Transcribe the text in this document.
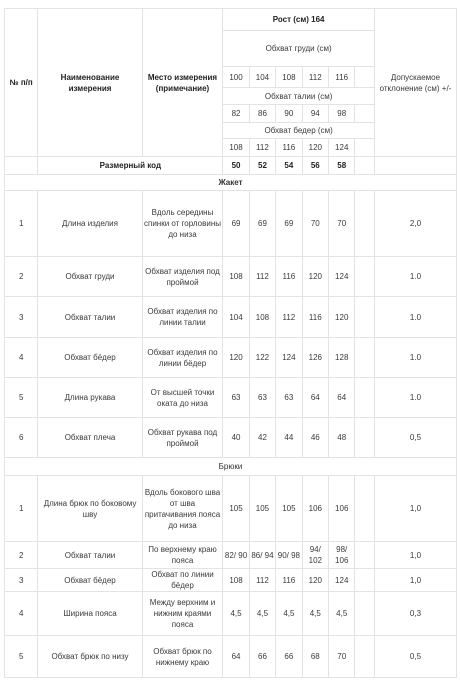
№ п/п	Наименование измерения	Место измерения (примечание)	Рост (см) 164						Допускаемое отклонение (см) +/-
			Обхват груди (см)						
			100	104	108	112	116		
			Обхват талии (см)						
			82	86	90	94	98		
			Обхват бедер (см)						
			108	112	116	120	124		
	Размерный код		50	52	54	56	58		
Жакет									
1	Длина изделия	Вдоль середины спинки от горловины до низа	69	69	69	70	70		2,0
2	Обхват груди	Обхват изделия под проймой	108	112	116	120	124		1.0
3	Обхват талии	Обхват изделия по линии талии	104	108	112	116	120		1.0
4	Обхват бёдер	Обхват изделия по линии бёдер	120	122	124	126	128		1.0
5	Длина рукава	От высшей точки оката до низа	63	63	63	64	64		1.0
6	Обхват плеча	Обхват рукава под проймой	40	42	44	46	48		0,5
Брюки									
1	Длина брюк по боковому шву	Вдоль бокового шва от шва притачивания пояса до низа	105	105	105	106	106		1,0
2	Обхват талии	По верхнему краю пояса	82/ 90	86/ 94	90/ 98	94/ 102	98/ 106		1,0
3	Обхват бёдер	Обхват по линии бёдер	108	112	116	120	124		1,0
4	Ширина пояса	Между верхним и нижним краями пояса	4,5	4,5	4,5	4,5	4,5		0,3
5	Обхват брюк по низу	Обхват брюк по нижнему краю	64	66	66	68	70		0,5
